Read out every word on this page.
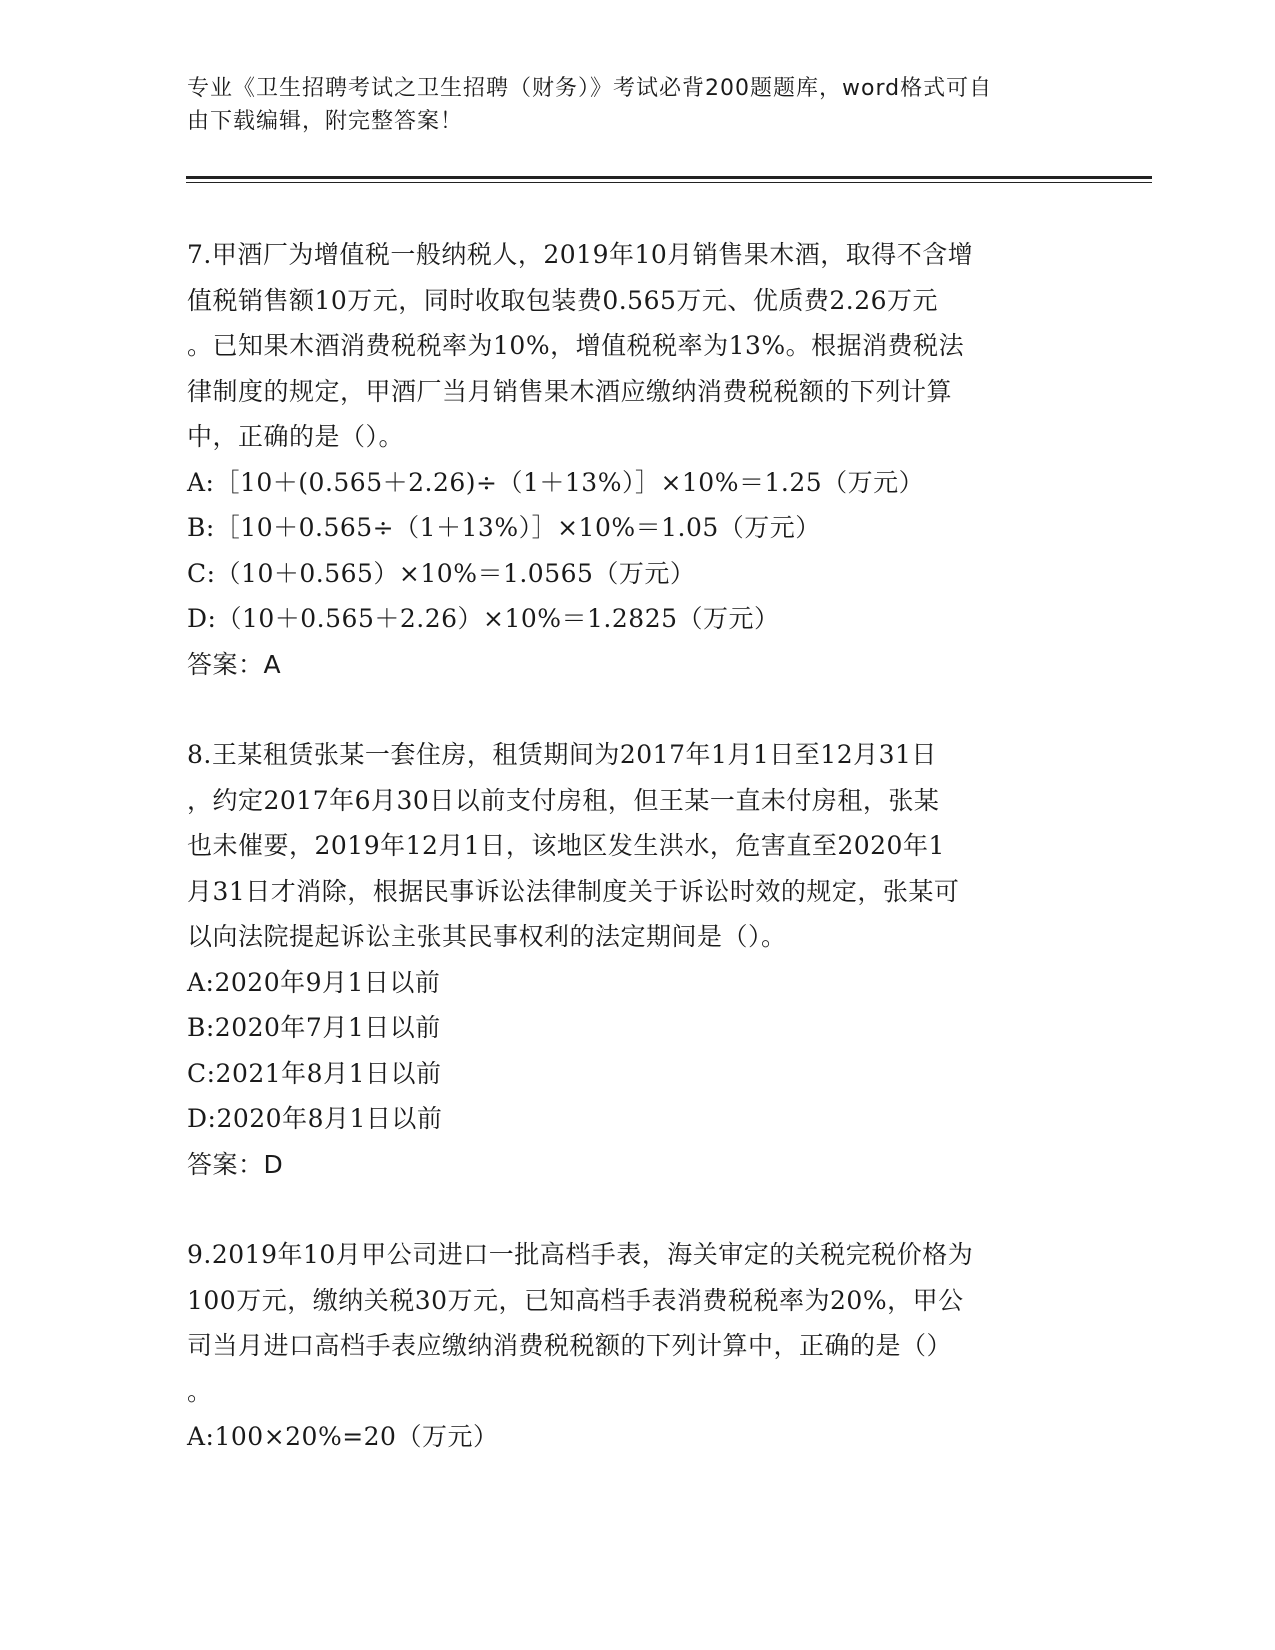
专业《卫生招聘考试之卫生招聘（财务）》考试必背200题题库，word格式可自
由下载编辑，附完整答案！
7.甲酒厂为增值税一般纳税人，2019年10月销售果木酒，取得不含增
值税销售额10万元，同时收取包装费0.565万元、优质费2.26万元
。已知果木酒消费税税率为10%，增值税税率为13%。根据消费税法
律制度的规定，甲酒厂当月销售果木酒应缴纳消费税税额的下列计算
中，正确的是（）。
A:［10＋(0.565＋2.26)÷（1＋13%）］×10%＝1.25（万元）
B:［10＋0.565÷（1＋13%）］×10%＝1.05（万元）
C:（10＋0.565）×10%＝1.0565（万元）
D:（10＋0.565＋2.26）×10%＝1.2825（万元）
答案：A
8.王某租赁张某一套住房，租赁期间为2017年1月1日至12月31日
，约定2017年6月30日以前支付房租，但王某一直未付房租，张某
也未催要，2019年12月1日，该地区发生洪水，危害直至2020年1
月31日才消除，根据民事诉讼法律制度关于诉讼时效的规定，张某可
以向法院提起诉讼主张其民事权利的法定期间是（）。
A:2020年9月1日以前
B:2020年7月1日以前
C:2021年8月1日以前
D:2020年8月1日以前
答案：D
9.2019年10月甲公司进口一批高档手表，海关审定的关税完税价格为
100万元，缴纳关税30万元，已知高档手表消费税税率为20%，甲公
司当月进口高档手表应缴纳消费税税额的下列计算中，正确的是（）
。
A:100×20%=20（万元）
